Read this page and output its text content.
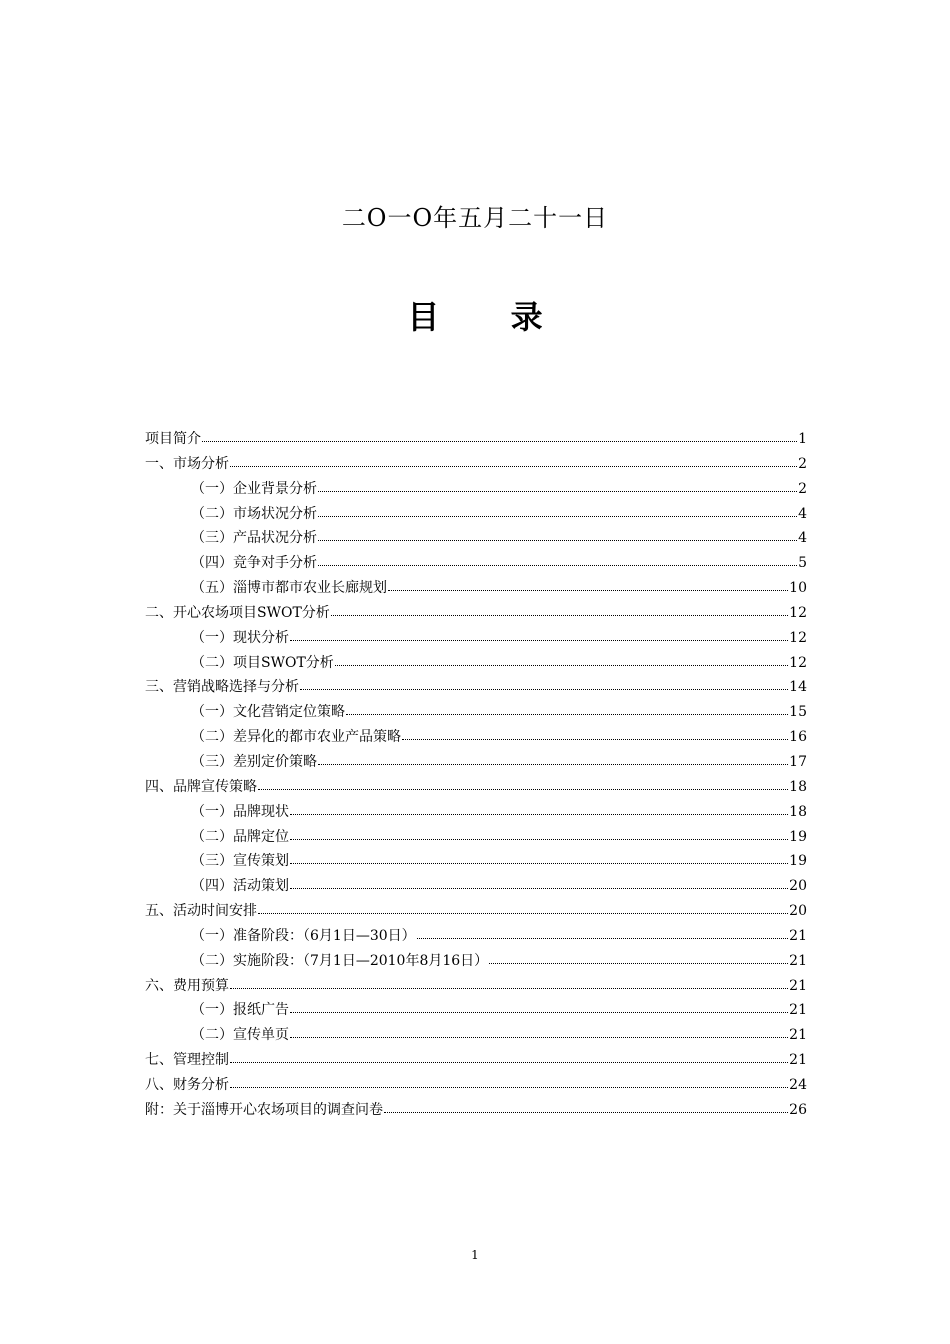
二O一O年五月二十一日
目 录
项目简介	1
一、市场分析	2
（一）企业背景分析	2
（二）市场状况分析	4
（三）产品状况分析	4
（四）竞争对手分析	5
（五）淄博市都市农业长廊规划	10
二、开心农场项目SWOT分析	12
（一）现状分析	12
（二）项目SWOT分析	12
三、营销战略选择与分析	14
（一）文化营销定位策略	15
（二）差异化的都市农业产品策略	16
（三）差别定价策略	17
四、品牌宣传策略	18
（一）品牌现状	18
（二）品牌定位	19
（三）宣传策划	19
（四）活动策划	20
五、活动时间安排	20
（一）准备阶段：（6月1日—30日）	21
（二）实施阶段：（7月1日—2010年8月16日）	21
六、费用预算	21
（一）报纸广告	21
（二）宣传单页	21
七、管理控制	21
八、财务分析	24
附：关于淄博开心农场项目的调查问卷	26
1
